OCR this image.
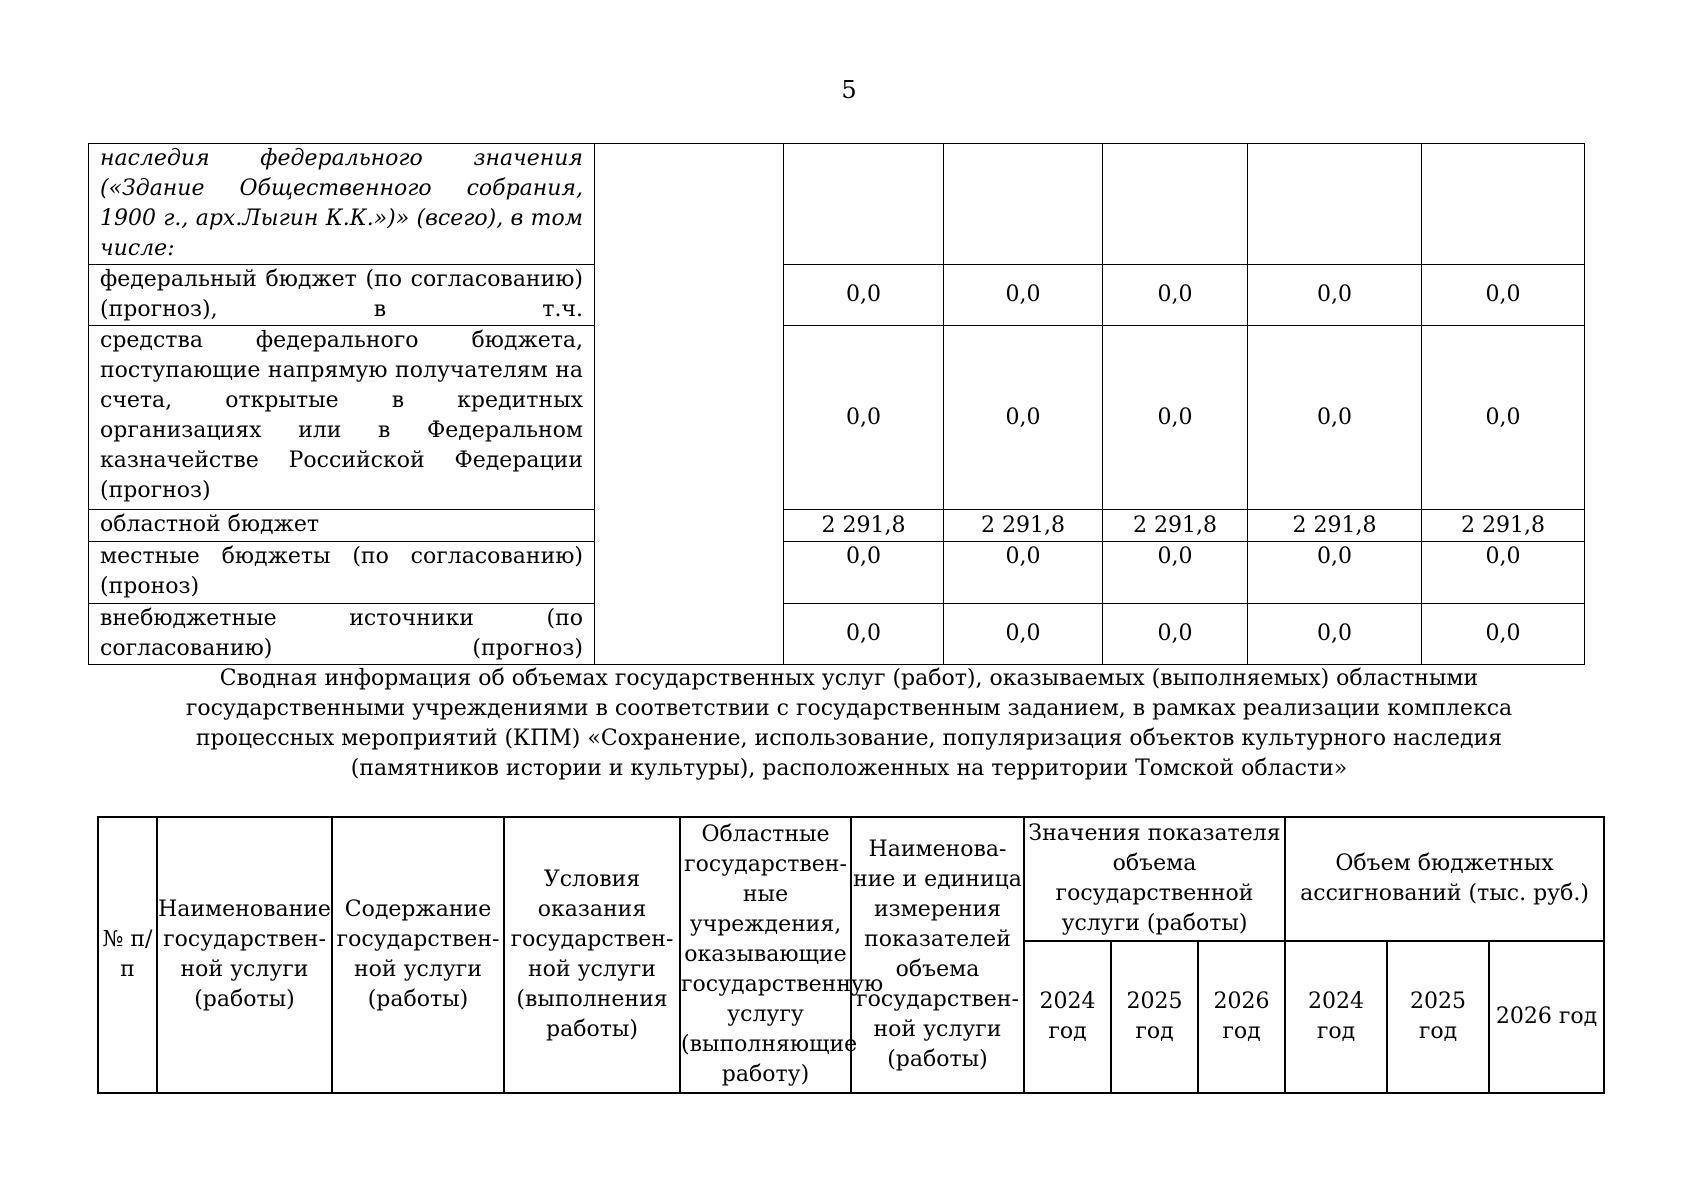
5
наследия федерального значения («Здание Общественного собрания, 1900 г., арх.Лыгин К.К.»)» (всего), в том числе:						
федеральный бюджет (по согласованию) (прогноз), в т.ч.		0,0	0,0	0,0	0,0	0,0
средства федерального бюджета, поступающие напрямую получателям на счета, открытые в кредитных организациях или в Федеральном казначействе Российской Федерации (прогноз)		0,0	0,0	0,0	0,0	0,0
областной бюджет		2 291,8	2 291,8	2 291,8	2 291,8	2 291,8
местные бюджеты (по согласованию) (проноз)		0,0	0,0	0,0	0,0	0,0
внебюджетные источники (по согласованию) (прогноз)		0,0	0,0	0,0	0,0	0,0
Сводная информация об объемах государственных услуг (работ), оказываемых (выполняемых) областными государственными учреждениями в соответствии с государственным заданием, в рамках реализации комплекса процессных мероприятий (КПМ) «Сохранение, использование, популяризация объектов культурного наследия (памятников истории и культуры), расположенных на территории Томской области»
№ п/п	Наименование государствен-ной услуги (работы)	Содержание государствен-ной услуги (работы)	Условия оказания государствен-ной услуги (выполнения работы)	Областные государствен-ные учреждения, оказывающие государственную услугу (выполняющие работу)	Наименова-ние и единица измерения показателей объема государствен-ной услуги (работы)	Значения показателя объема государственной услуги (работы)			Объем бюджетных ассигнований (тыс. руб.)		
						2024 год	2025 год	2026 год	2024 год	2025 год	2026 год
